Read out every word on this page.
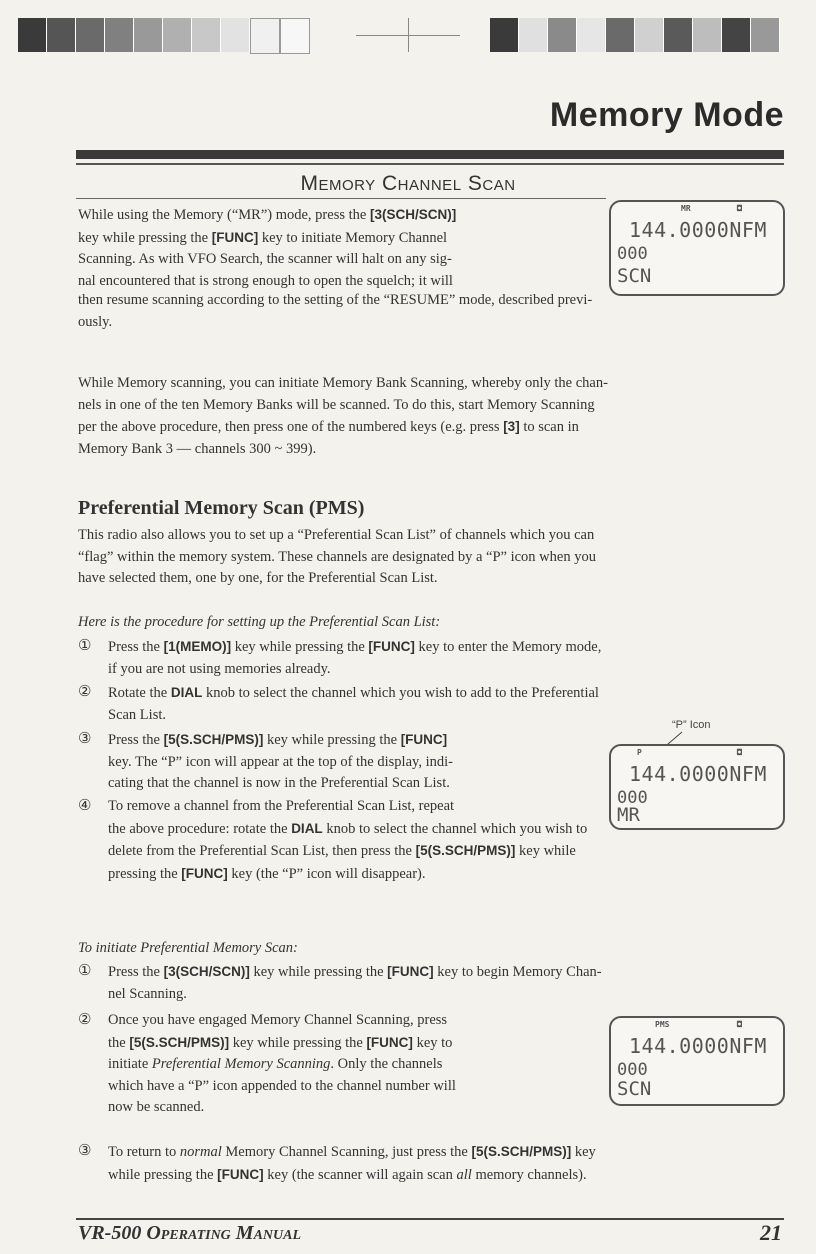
Memory Mode
Memory Channel Scan
While using the Memory (“MR”) mode, press the [3(SCH/SCN)]
key while pressing the [FUNC] key to initiate Memory Channel
Scanning. As with VFO Search, the scanner will halt on any sig-
nal encountered that is strong enough to open the squelch; it will
then resume scanning according to the setting of the “RESUME” mode, described previ-
ously.
MR	◘
144.0000NFM
000
SCN
While Memory scanning, you can initiate Memory Bank Scanning, whereby only the chan-
nels in one of the ten Memory Banks will be scanned. To do this, start Memory Scanning
per the above procedure, then press one of the numbered keys (e.g. press [3] to scan in
Memory Bank 3 — channels 300 ~ 399).
Preferential Memory Scan (PMS)
This radio also allows you to set up a “Preferential Scan List” of channels which you can
“flag” within the memory system. These channels are designated by a “P” icon when you
have selected them, one by one, for the Preferential Scan List.
Here is the procedure for setting up the Preferential Scan List:
① Press the [1(MEMO)] key while pressing the [FUNC] key to enter the Memory mode,
if you are not using memories already.
② Rotate the DIAL knob to select the channel which you wish to add to the Preferential
Scan List.
③ Press the [5(S.SCH/PMS)] key while pressing the [FUNC]
key. The “P” icon will appear at the top of the display, indi-
cating that the channel is now in the Preferential Scan List.
④ To remove a channel from the Preferential Scan List, repeat
the above procedure: rotate the DIAL knob to select the channel which you wish to
delete from the Preferential Scan List, then press the [5(S.SCH/PMS)] key while
pressing the [FUNC] key (the “P” icon will disappear).
“P” Icon
P	◘
144.0000NFM
000
MR
To initiate Preferential Memory Scan:
① Press the [3(SCH/SCN)] key while pressing the [FUNC] key to begin Memory Chan-
nel Scanning.
② Once you have engaged Memory Channel Scanning, press
the [5(S.SCH/PMS)] key while pressing the [FUNC] key to
initiate Preferential Memory Scanning. Only the channels
which have a “P” icon appended to the channel number will
now be scanned.
PMS	◘
144.0000NFM
000
SCN
③ To return to normal Memory Channel Scanning, just press the [5(S.SCH/PMS)] key
while pressing the [FUNC] key (the scanner will again scan all memory channels).
VR-500 Operating Manual	21
